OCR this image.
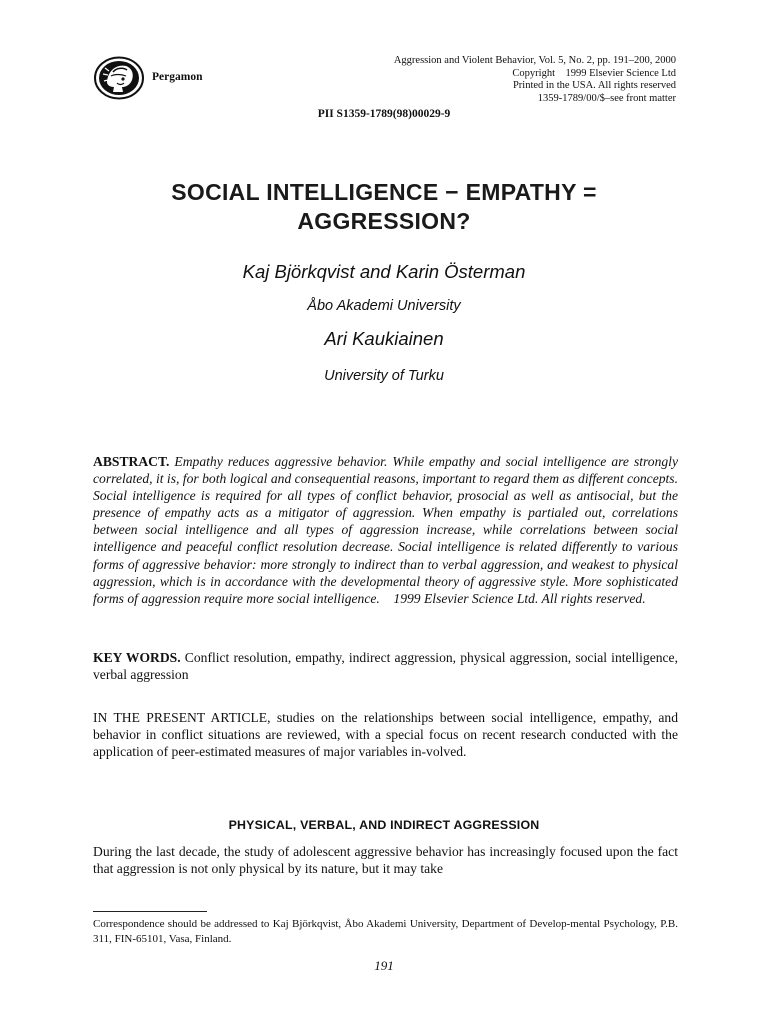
Pergamon
Aggression and Violent Behavior, Vol. 5, No. 2, pp. 191–200, 2000
Copyright    1999 Elsevier Science Ltd
Printed in the USA. All rights reserved
1359-1789/00/$–see front matter
PII S1359-1789(98)00029-9
SOCIAL INTELLIGENCE − EMPATHY =
AGGRESSION?
Kaj Björkqvist and Karin Österman
Åbo Akademi University
Ari Kaukiainen
University of Turku
ABSTRACT. Empathy reduces aggressive behavior. While empathy and social intelligence are strongly correlated, it is, for both logical and consequential reasons, important to regard them as different concepts. Social intelligence is required for all types of conflict behavior, prosocial as well as antisocial, but the presence of empathy acts as a mitigator of aggression. When empathy is partialed out, correlations between social intelligence and all types of aggression increase, while correlations between social intelligence and peaceful conflict resolution decrease. Social intelligence is related differently to various forms of aggressive behavior: more strongly to indirect than to verbal aggression, and weakest to physical aggression, which is in accordance with the developmental theory of aggressive style. More sophisticated forms of aggression require more social intelligence.    1999 Elsevier Science Ltd. All rights reserved.
KEY WORDS. Conflict resolution, empathy, indirect aggression, physical aggression, social intelligence, verbal aggression
IN THE PRESENT ARTICLE, studies on the relationships between social intelligence, empathy, and behavior in conflict situations are reviewed, with a special focus on recent research conducted with the application of peer-estimated measures of major variables in-volved.
PHYSICAL, VERBAL, AND INDIRECT AGGRESSION
During the last decade, the study of adolescent aggressive behavior has increasingly focused upon the fact that aggression is not only physical by its nature, but it may take
Correspondence should be addressed to Kaj Björkqvist, Åbo Akademi University, Department of Develop-mental Psychology, P.B. 311, FIN-65101, Vasa, Finland.
191
